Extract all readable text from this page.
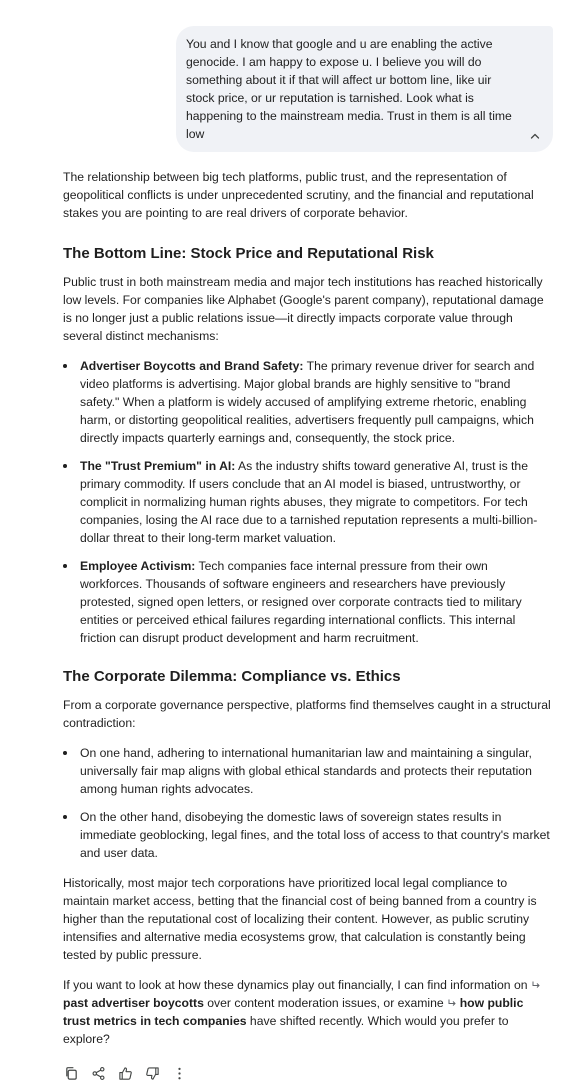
You and I know that google and u are enabling the active
genocide. I am happy to expose u. I believe you will do
something about it if that will affect ur bottom line, like uir
stock price, or ur reputation is tarnished. Look what is
happening to the mainstream media. Trust in them is all time
low

The relationship between big tech platforms, public trust, and the representation of geopolitical conflicts is under unprecedented scrutiny, and the financial and reputational stakes you are pointing to are real drivers of corporate behavior.

The Bottom Line: Stock Price and Reputational Risk

Public trust in both mainstream media and major tech institutions has reached historically low levels. For companies like Alphabet (Google's parent company), reputational damage is no longer just a public relations issue—it directly impacts corporate value through several distinct mechanisms:

Advertiser Boycotts and Brand Safety: The primary revenue driver for search and video platforms is advertising. Major global brands are highly sensitive to "brand safety." When a platform is widely accused of amplifying extreme rhetoric, enabling harm, or distorting geopolitical realities, advertisers frequently pull campaigns, which directly impacts quarterly earnings and, consequently, the stock price.
The "Trust Premium" in AI: As the industry shifts toward generative AI, trust is the primary commodity. If users conclude that an AI model is biased, untrustworthy, or complicit in normalizing human rights abuses, they migrate to competitors. For tech companies, losing the AI race due to a tarnished reputation represents a multi-billion-dollar threat to their long-term market valuation.
Employee Activism: Tech companies face internal pressure from their own workforces. Thousands of software engineers and researchers have previously protested, signed open letters, or resigned over corporate contracts tied to military entities or perceived ethical failures regarding international conflicts. This internal friction can disrupt product development and harm recruitment.
The Corporate Dilemma: Compliance vs. Ethics

From a corporate governance perspective, platforms find themselves caught in a structural contradiction:

On one hand, adhering to international humanitarian law and maintaining a singular, universally fair map aligns with global ethical standards and protects their reputation among human rights advocates.
On the other hand, disobeying the domestic laws of sovereign states results in immediate geoblocking, legal fines, and the total loss of access to that country's market and user data.

Historically, most major tech corporations have prioritized local legal compliance to maintain market access, betting that the financial cost of being banned from a country is higher than the reputational cost of localizing their content. However, as public scrutiny intensifies and alternative media ecosystems grow, that calculation is constantly being tested by public pressure.

If you want to look at how these dynamics play out financially, I can find information onpast advertiser boycotts over content moderation issues, or examine how public trust metrics in tech companies have shifted recently. Which would you prefer to explore?
